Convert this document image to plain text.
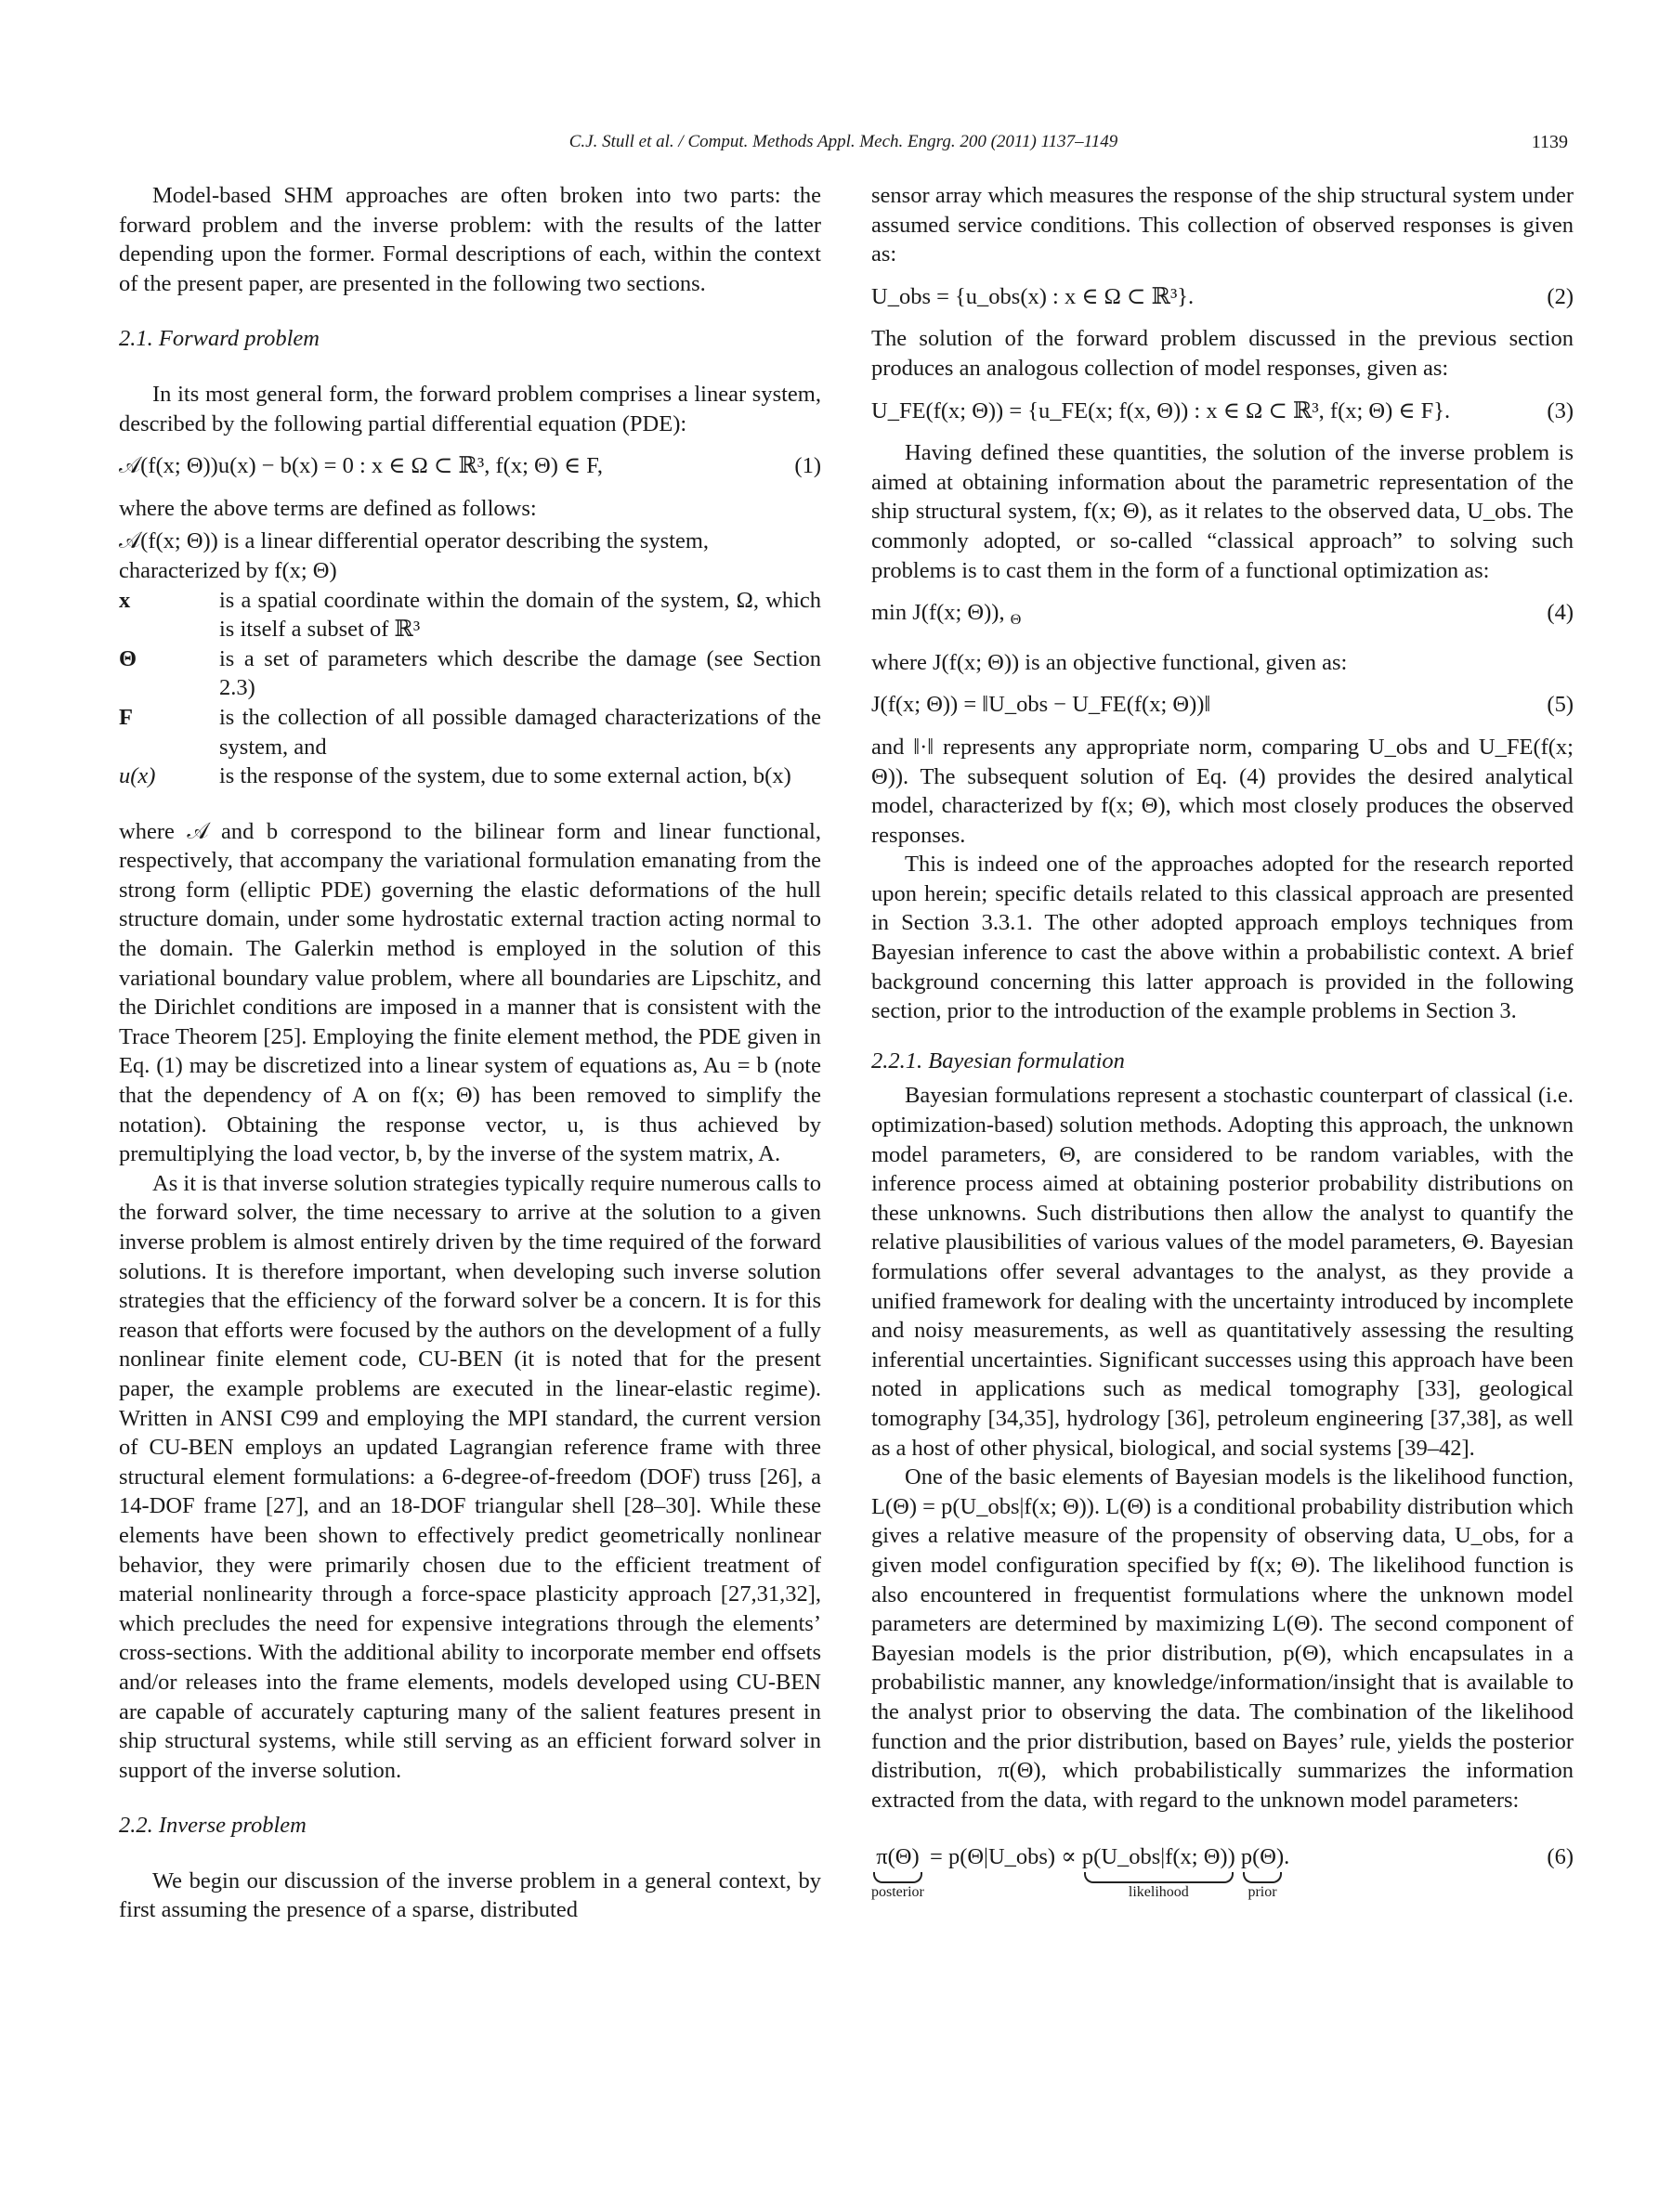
C.J. Stull et al. / Comput. Methods Appl. Mech. Engrg. 200 (2011) 1137–1149	1139

Model-based SHM approaches are often broken into two parts: the forward problem and the inverse problem: with the results of the latter depending upon the former. Formal descriptions of each, within the context of the present paper, are presented in the following two sections.

2.1. Forward problem

In its most general form, the forward problem comprises a linear system, described by the following partial differential equation (PDE):

𝒜(f(x; Θ))u(x) − b(x) = 0 : x ∈ Ω ⊂ ℝ³, f(x; Θ) ∈ F,	(1)

where the above terms are defined as follows:

𝒜(f(x; Θ)) is a linear differential operator describing the system, characterized by f(x; Θ)
x	is a spatial coordinate within the domain of the system, Ω, which is itself a subset of ℝ³
Θ	is a set of parameters which describe the damage (see Section 2.3)
F	is the collection of all possible damaged characterizations of the system, and
u(x)	is the response of the system, due to some external action, b(x)

where 𝒜 and b correspond to the bilinear form and linear functional, respectively, that accompany the variational formulation emanating from the strong form (elliptic PDE) governing the elastic deformations of the hull structure domain, under some hydrostatic external traction acting normal to the domain. The Galerkin method is employed in the solution of this variational boundary value problem, where all boundaries are Lipschitz, and the Dirichlet conditions are imposed in a manner that is consistent with the Trace Theorem [25]. Employing the finite element method, the PDE given in Eq. (1) may be discretized into a linear system of equations as, Au = b (note that the dependency of A on f(x; Θ) has been removed to simplify the notation). Obtaining the response vector, u, is thus achieved by premultiplying the load vector, b, by the inverse of the system matrix, A.

As it is that inverse solution strategies typically require numerous calls to the forward solver, the time necessary to arrive at the solution to a given inverse problem is almost entirely driven by the time required of the forward solutions. It is therefore important, when developing such inverse solution strategies that the efficiency of the forward solver be a concern. It is for this reason that efforts were focused by the authors on the development of a fully nonlinear finite element code, CU-BEN (it is noted that for the present paper, the example problems are executed in the linear-elastic regime). Written in ANSI C99 and employing the MPI standard, the current version of CU-BEN employs an updated Lagrangian reference frame with three structural element formulations: a 6-degree-of-freedom (DOF) truss [26], a 14-DOF frame [27], and an 18-DOF triangular shell [28–30]. While these elements have been shown to effectively predict geometrically nonlinear behavior, they were primarily chosen due to the efficient treatment of material nonlinearity through a force-space plasticity approach [27,31,32], which precludes the need for expensive integrations through the elements’ cross-sections. With the additional ability to incorporate member end offsets and/or releases into the frame elements, models developed using CU-BEN are capable of accurately capturing many of the salient features present in ship structural systems, while still serving as an efficient forward solver in support of the inverse solution.

2.2. Inverse problem

We begin our discussion of the inverse problem in a general context, by first assuming the presence of a sparse, distributed

sensor array which measures the response of the ship structural system under assumed service conditions. This collection of observed responses is given as:

U_obs = {u_obs(x) : x ∈ Ω ⊂ ℝ³}.	(2)

The solution of the forward problem discussed in the previous section produces an analogous collection of model responses, given as:

U_FE(f(x; Θ)) = {u_FE(x; f(x, Θ)) : x ∈ Ω ⊂ ℝ³, f(x; Θ) ∈ F}.	(3)

Having defined these quantities, the solution of the inverse problem is aimed at obtaining information about the parametric representation of the ship structural system, f(x; Θ), as it relates to the observed data, U_obs. The commonly adopted, or so-called “classical approach” to solving such problems is to cast them in the form of a functional optimization as:

min J(f(x; Θ)), $_\Theta$	(4)

where J(f(x; Θ)) is an objective functional, given as:

J(f(x; Θ)) = ‖U_obs − U_FE(f(x; Θ))‖	(5)

and ‖·‖ represents any appropriate norm, comparing U_obs and U_FE(f(x; Θ)). The subsequent solution of Eq. (4) provides the desired analytical model, characterized by f(x; Θ), which most closely produces the observed responses.

This is indeed one of the approaches adopted for the research reported upon herein; specific details related to this classical approach are presented in Section 3.3.1. The other adopted approach employs techniques from Bayesian inference to cast the above within a probabilistic context. A brief background concerning this latter approach is provided in the following section, prior to the introduction of the example problems in Section 3.

2.2.1. Bayesian formulation

Bayesian formulations represent a stochastic counterpart of classical (i.e. optimization-based) solution methods. Adopting this approach, the unknown model parameters, Θ, are considered to be random variables, with the inference process aimed at obtaining posterior probability distributions on these unknowns. Such distributions then allow the analyst to quantify the relative plausibilities of various values of the model parameters, Θ. Bayesian formulations offer several advantages to the analyst, as they provide a unified framework for dealing with the uncertainty introduced by incomplete and noisy measurements, as well as quantitatively assessing the resulting inferential uncertainties. Significant successes using this approach have been noted in applications such as medical tomography [33], geological tomography [34,35], hydrology [36], petroleum engineering [37,38], as well as a host of other physical, biological, and social systems [39–42].

One of the basic elements of Bayesian models is the likelihood function, L(Θ) = p(U_obs|f(x; Θ)). L(Θ) is a conditional probability distribution which gives a relative measure of the propensity of observing data, U_obs, for a given model configuration specified by f(x; Θ). The likelihood function is also encountered in frequentist formulations where the unknown model parameters are determined by maximizing L(Θ). The second component of Bayesian models is the prior distribution, p(Θ), which encapsulates in a probabilistic manner, any knowledge/information/insight that is available to the analyst prior to observing the data. The combination of the likelihood function and the prior distribution, based on Bayes’ rule, yields the posterior distribution, π(Θ), which probabilistically summarizes the information extracted from the data, with regard to the unknown model parameters:

π(Θ)
posterior
= p(Θ|U_obs) ∝ p(U_obs|f(x; Θ))
likelihood

p(Θ)
prior
.	(6)
